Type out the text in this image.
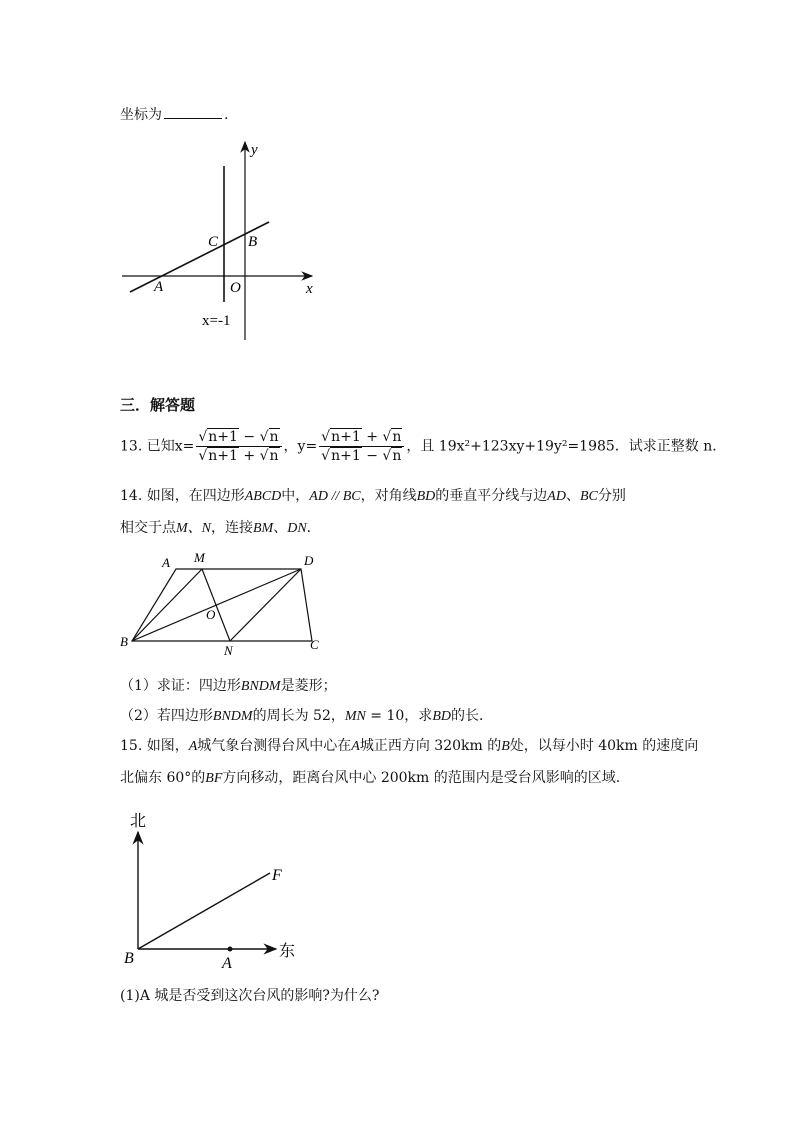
坐标为	.
y
x
C B
A	O
x=-1
三．解答题
13. 已知$x= \frac{√n+1 - √n}{√n+1 + √n}$ ，$y= \frac{√n+1 + √n}{√n+1 - √n}$ ，且 19x²+123xy+19y²=1985．试求正整数 n．
14. 如图，在四边形ABCD中，AD // BC，对角线BD的垂直平分线与边AD、BC分别
相交于点M、N，连接BM、DN．
A M	D
O
B
N	C
（1）求证：四边形BNDM是菱形；
（2）若四边形BNDM的周长为 52，MN = 10，求BD的长．
15. 如图，A城气象台测得台风中心在A城正西方向 320km 的B处，以每小时 40km 的速度向
北偏东 60°的BF方向移动，距离台风中心 200km 的范围内是受台风影响的区域.
北
东
F
B	A
(1)A 城是否受到这次台风的影响?为什么?
